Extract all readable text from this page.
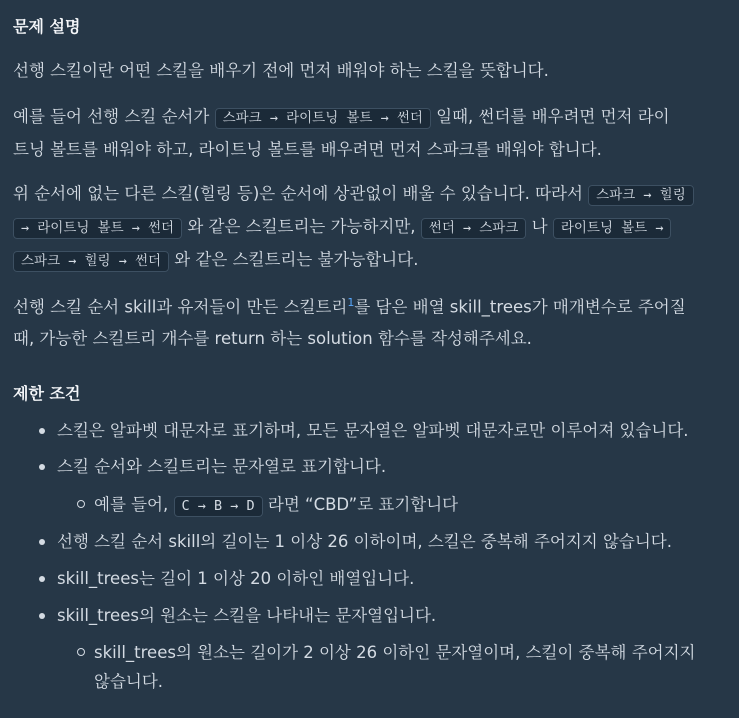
문제 설명

선행 스킬이란 어떤 스킬을 배우기 전에 먼저 배워야 하는 스킬을 뜻합니다.

예를 들어 선행 스킬 순서가 스파크 → 라이트닝 볼트 → 썬더 일때, 썬더를 배우려면 먼저 라이
트닝 볼트를 배워야 하고, 라이트닝 볼트를 배우려면 먼저 스파크를 배워야 합니다.

위 순서에 없는 다른 스킬(힐링 등)은 순서에 상관없이 배울 수 있습니다. 따라서 스파크 → 힐링
→ 라이트닝 볼트 → 썬더 와 같은 스킬트리는 가능하지만, 썬더 → 스파크 나 라이트닝 볼트 →
스파크 → 힐링 → 썬더 와 같은 스킬트리는 불가능합니다.

선행 스킬 순서 skill과 유저들이 만든 스킬트리$^1$를 담은 배열 skill_trees가 매개변수로 주어질
때, 가능한 스킬트리 개수를 return 하는 solution 함수를 작성해주세요.

제한 조건
스킬은 알파벳 대문자로 표기하며, 모든 문자열은 알파벳 대문자로만 이루어져 있습니다.
스킬 순서와 스킬트리는 문자열로 표기합니다.
예를 들어, C → B → D 라면 “CBD”로 표기합니다
선행 스킬 순서 skill의 길이는 1 이상 26 이하이며, 스킬은 중복해 주어지지 않습니다.
skill_trees는 길이 1 이상 20 이하인 배열입니다.
skill_trees의 원소는 스킬을 나타내는 문자열입니다.
skill_trees의 원소는 길이가 2 이상 26 이하인 문자열이며, 스킬이 중복해 주어지지
않습니다.
